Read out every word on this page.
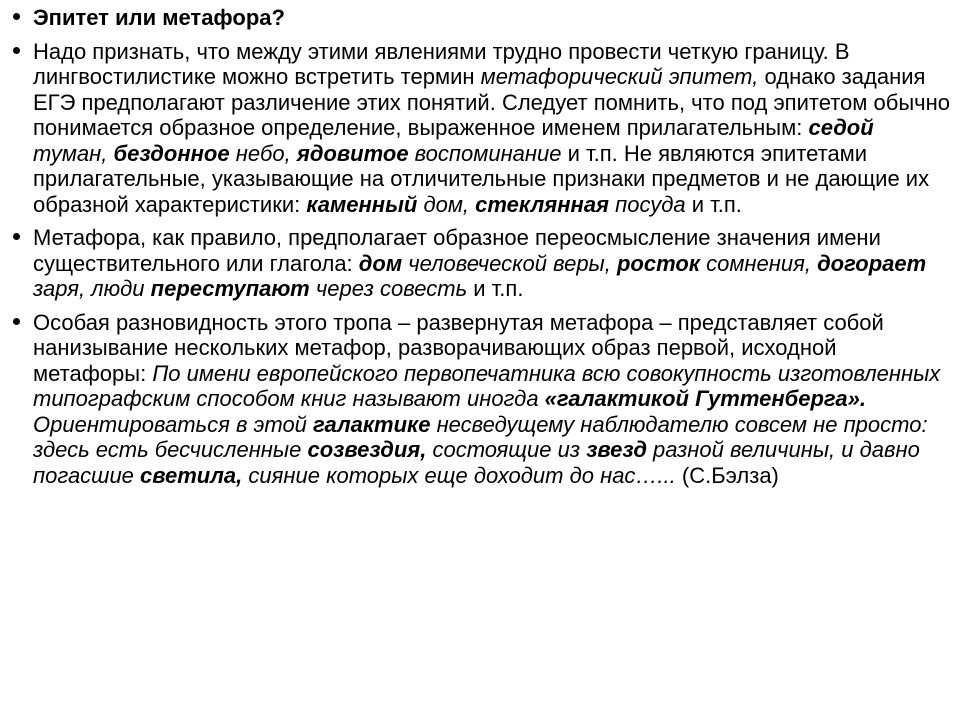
Эпитет или метафора?
Надо признать, что между этими явлениями трудно провести четкую границу. В лингвостилистике можно встретить термин метафорический эпитет, однако задания ЕГЭ предполагают различение этих понятий. Следует помнить, что под эпитетом обычно понимается образное определение, выраженное именем прилагательным: седой туман, бездонное небо, ядовитое воспоминание и т.п. Не являются эпитетами прилагательные, указывающие на отличительные признаки предметов и не дающие их образной характеристики: каменный дом, стеклянная посуда и т.п.
Метафора, как правило, предполагает образное переосмысление значения имени существительного или глагола: дом человеческой веры, росток сомнения, догорает заря, люди переступают через совесть и т.п.
Особая разновидность этого тропа – развернутая метафора – представляет собой нанизывание нескольких метафор, разворачивающих образ первой, исходной метафоры: По имени европейского первопечатника всю совокупность изготовленных типографским способом книг называют иногда «галактикой Гуттенберга». Ориентироваться в этой галактике несведущему наблюдателю совсем не просто: здесь есть бесчисленные созвездия, состоящие из звезд разной величины, и давно погасшие светила, сияние которых еще доходит до нас…... (С.Бэлза)
